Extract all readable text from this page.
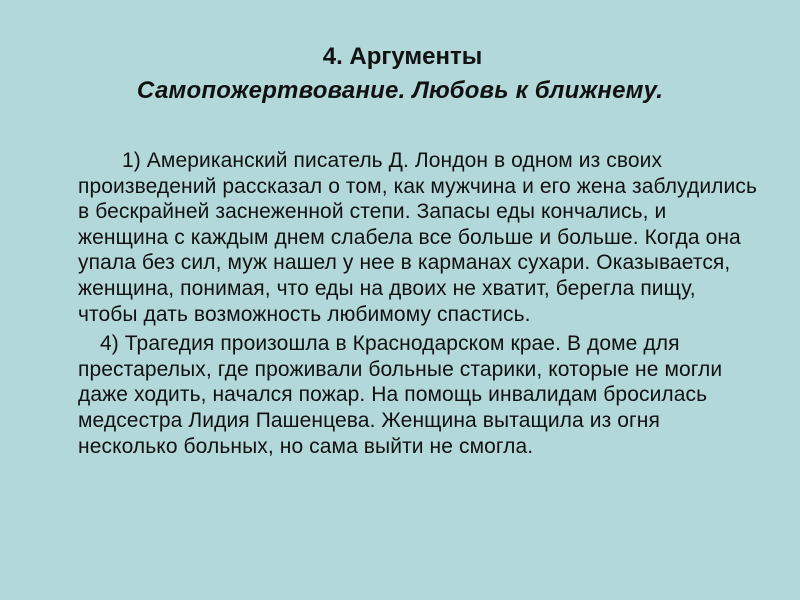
4. Аргументы
Самопожертвование. Любовь к ближнему.

1) Американский писатель Д. Лондон в одном из своих произведений рассказал о том, как мужчина и его жена заблудились в бескрайней заснеженной степи. Запасы еды кончались, и женщина с каждым днем слабела все больше и больше. Когда она упала без сил, муж нашел у нее в карманах сухари. Оказывается, женщина, понимая, что еды на двоих не хватит, берегла пищу, чтобы дать возможность любимому спастись.

4) Трагедия произошла в Краснодарском крае. В доме для престарелых, где проживали больные старики, которые не могли даже ходить, начался пожар. На помощь инвалидам бросилась медсестра Лидия Пашенцева. Женщина вытащила из огня несколько больных, но сама выйти не смогла.
